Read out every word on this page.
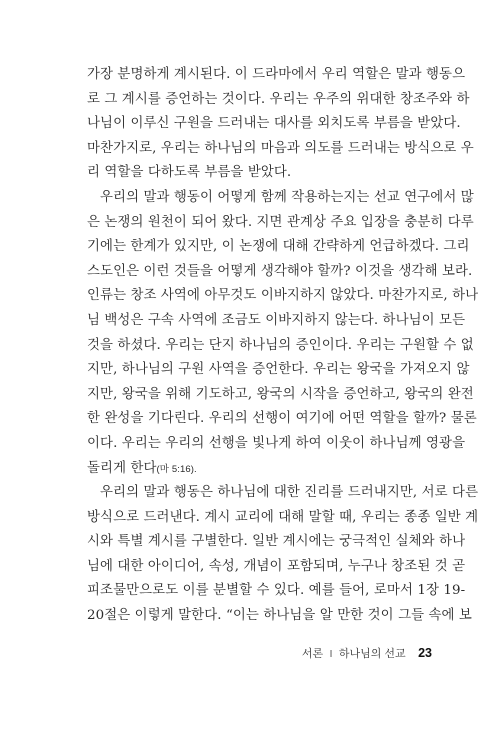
가장 분명하게 계시된다. 이 드라마에서 우리 역할은 말과 행동으
로 그 계시를 증언하는 것이다. 우리는 우주의 위대한 창조주와 하
나님이 이루신 구원을 드러내는 대사를 외치도록 부름을 받았다.
마찬가지로, 우리는 하나님의 마음과 의도를 드러내는 방식으로 우
리 역할을 다하도록 부름을 받았다.
우리의 말과 행동이 어떻게 함께 작용하는지는 선교 연구에서 많
은 논쟁의 원천이 되어 왔다. 지면 관계상 주요 입장을 충분히 다루
기에는 한계가 있지만, 이 논쟁에 대해 간략하게 언급하겠다. 그리
스도인은 이런 것들을 어떻게 생각해야 할까? 이것을 생각해 보라.
인류는 창조 사역에 아무것도 이바지하지 않았다. 마찬가지로, 하나
님 백성은 구속 사역에 조금도 이바지하지 않는다. 하나님이 모든
것을 하셨다. 우리는 단지 하나님의 증인이다. 우리는 구원할 수 없
지만, 하나님의 구원 사역을 증언한다. 우리는 왕국을 가져오지 않
지만, 왕국을 위해 기도하고, 왕국의 시작을 증언하고, 왕국의 완전
한 완성을 기다린다. 우리의 선행이 여기에 어떤 역할을 할까? 물론
이다. 우리는 우리의 선행을 빛나게 하여 이웃이 하나님께 영광을
돌리게 한다(마 5:16).
우리의 말과 행동은 하나님에 대한 진리를 드러내지만, 서로 다른
방식으로 드러낸다. 계시 교리에 대해 말할 때, 우리는 종종 일반 계
시와 특별 계시를 구별한다. 일반 계시에는 궁극적인 실체와 하나
님에 대한 아이디어, 속성, 개념이 포함되며, 누구나 창조된 것 곧
피조물만으로도 이를 분별할 수 있다. 예를 들어, 로마서 1장 19-
20절은 이렇게 말한다. “이는 하나님을 알 만한 것이 그들 속에 보
서론 I 하나님의 선교 23
